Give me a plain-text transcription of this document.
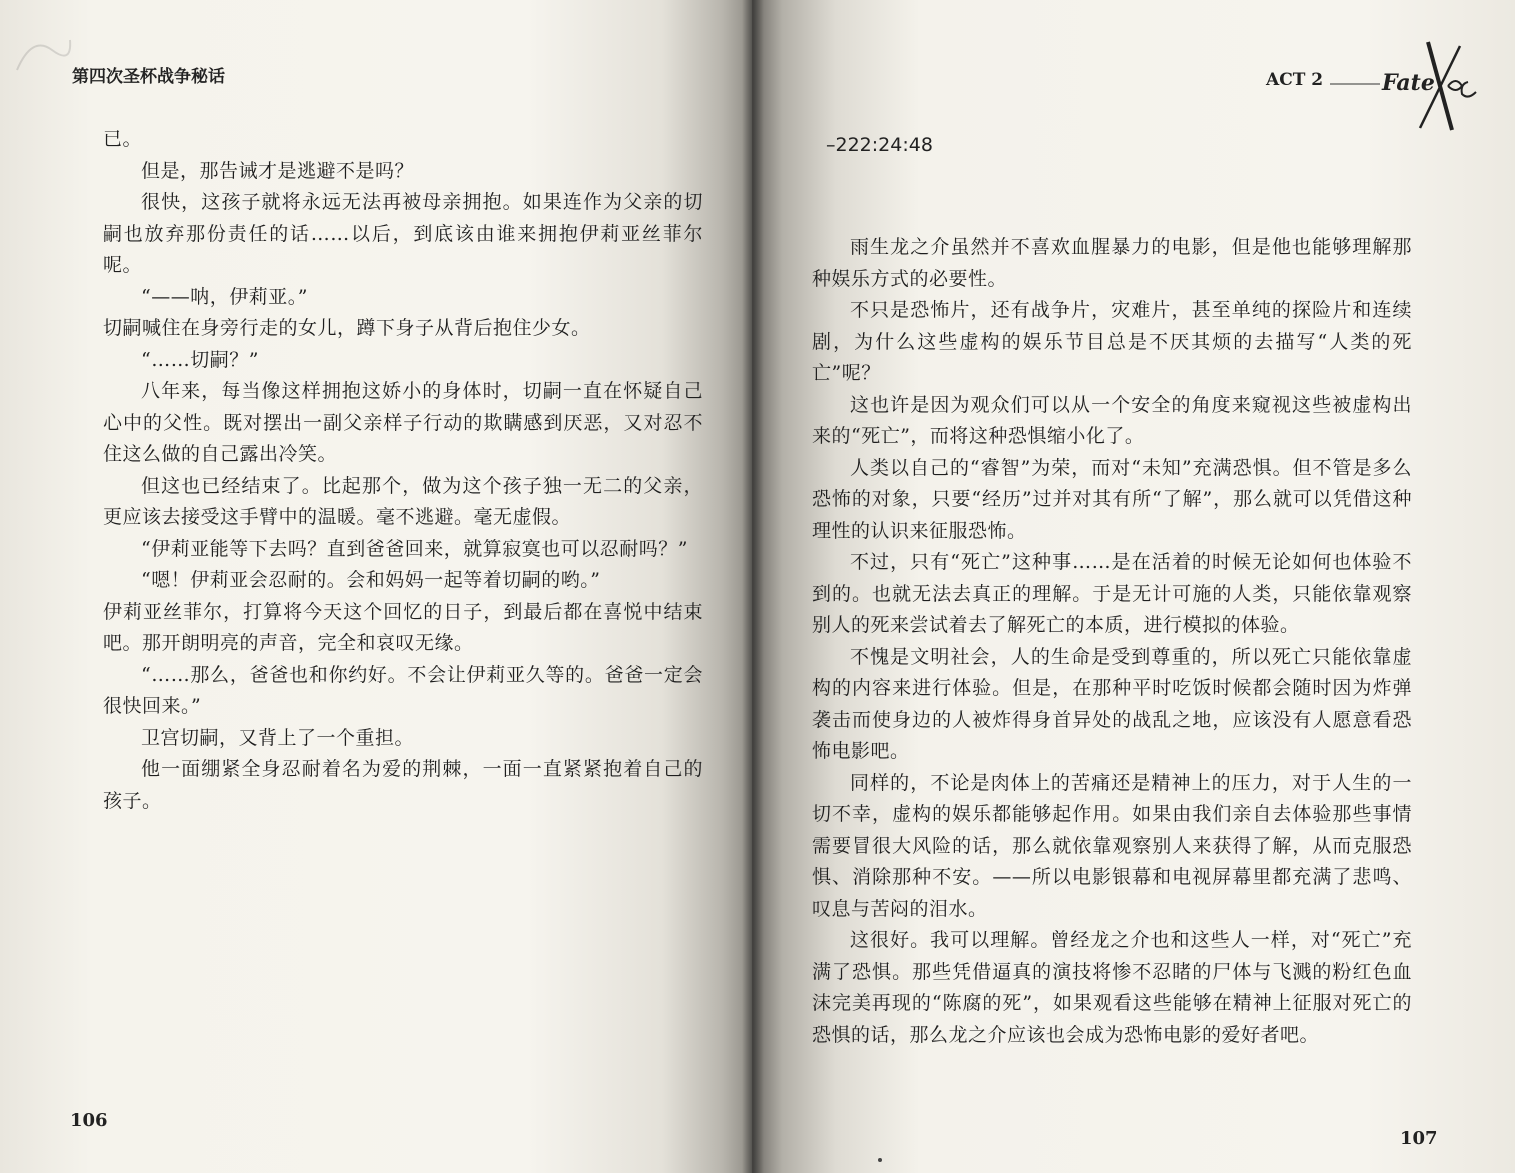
第四次圣杯战争秘话

已。

但是，那告诫才是逃避不是吗？

很快，这孩子就将永远无法再被母亲拥抱。如果连作为父亲的切嗣也放弃那份责任的话……以后，到底该由谁来拥抱伊莉亚丝菲尔呢。

“——呐，伊莉亚。”

切嗣喊住在身旁行走的女儿，蹲下身子从背后抱住少女。

“……切嗣？”

八年来，每当像这样拥抱这娇小的身体时，切嗣一直在怀疑自己心中的父性。既对摆出一副父亲样子行动的欺瞒感到厌恶，又对忍不住这么做的自己露出冷笑。

但这也已经结束了。比起那个，做为这个孩子独一无二的父亲，更应该去接受这手臂中的温暖。毫不逃避。毫无虚假。

“伊莉亚能等下去吗？直到爸爸回来，就算寂寞也可以忍耐吗？”

“嗯！伊莉亚会忍耐的。会和妈妈一起等着切嗣的哟。”

伊莉亚丝菲尔，打算将今天这个回忆的日子，到最后都在喜悦中结束吧。那开朗明亮的声音，完全和哀叹无缘。

“……那么，爸爸也和你约好。不会让伊莉亚久等的。爸爸一定会很快回来。”

卫宫切嗣，又背上了一个重担。

他一面绷紧全身忍耐着名为爱的荆棘，一面一直紧紧抱着自己的孩子。

106
ACT 2	Fate
–222:24:48

雨生龙之介虽然并不喜欢血腥暴力的电影，但是他也能够理解那种娱乐方式的必要性。

不只是恐怖片，还有战争片，灾难片，甚至单纯的探险片和连续剧，为什么这些虚构的娱乐节目总是不厌其烦的去描写“人类的死亡”呢？

这也许是因为观众们可以从一个安全的角度来窥视这些被虚构出来的“死亡”，而将这种恐惧缩小化了。

人类以自己的“睿智”为荣，而对“未知”充满恐惧。但不管是多么恐怖的对象，只要“经历”过并对其有所“了解”，那么就可以凭借这种理性的认识来征服恐怖。

不过，只有“死亡”这种事……是在活着的时候无论如何也体验不到的。也就无法去真正的理解。于是无计可施的人类，只能依靠观察别人的死来尝试着去了解死亡的本质，进行模拟的体验。

不愧是文明社会，人的生命是受到尊重的，所以死亡只能依靠虚构的内容来进行体验。但是，在那种平时吃饭时候都会随时因为炸弹袭击而使身边的人被炸得身首异处的战乱之地，应该没有人愿意看恐怖电影吧。

同样的，不论是肉体上的苦痛还是精神上的压力，对于人生的一切不幸，虚构的娱乐都能够起作用。如果由我们亲自去体验那些事情需要冒很大风险的话，那么就依靠观察别人来获得了解，从而克服恐惧、消除那种不安。——所以电影银幕和电视屏幕里都充满了悲鸣、叹息与苦闷的泪水。

这很好。我可以理解。曾经龙之介也和这些人一样，对“死亡”充满了恐惧。那些凭借逼真的演技将惨不忍睹的尸体与飞溅的粉红色血沫完美再现的“陈腐的死”，如果观看这些能够在精神上征服对死亡的恐惧的话，那么龙之介应该也会成为恐怖电影的爱好者吧。

107
